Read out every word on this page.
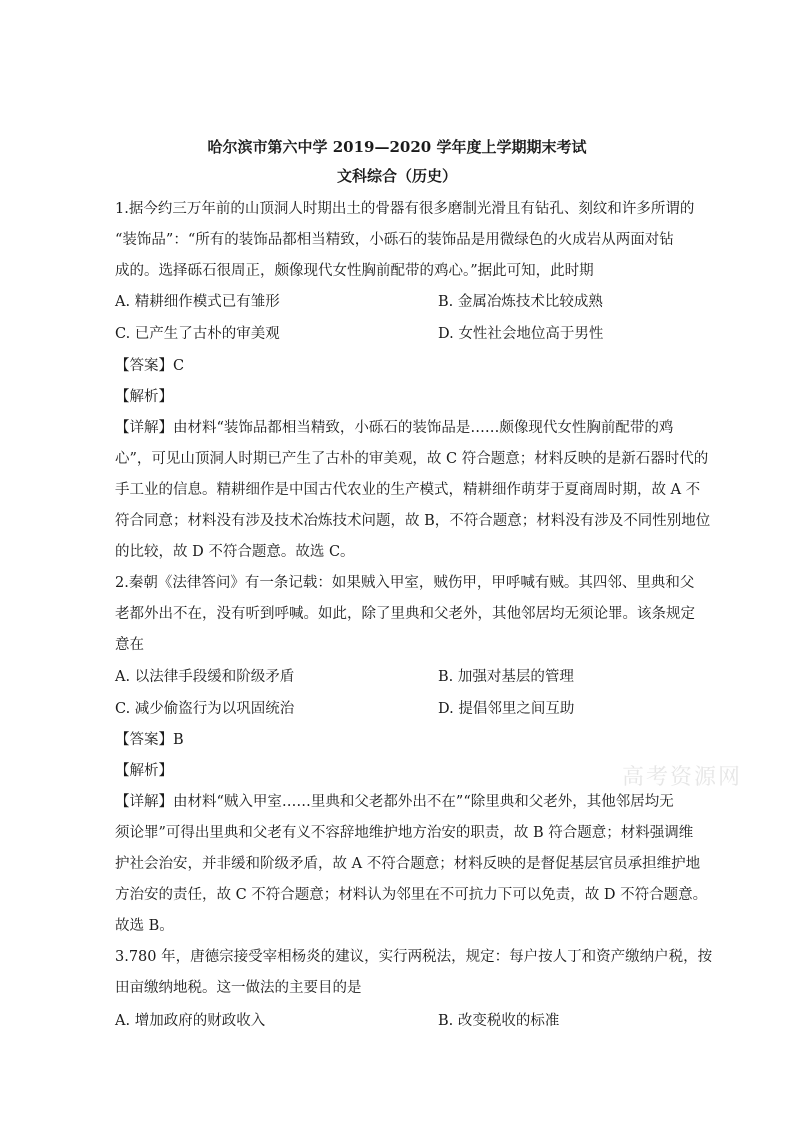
哈尔滨市第六中学 2019—2020 学年度上学期期末考试
文科综合（历史）
1.据今约三万年前的山顶洞人时期出土的骨器有很多磨制光滑且有钻孔、刻纹和许多所谓的
“装饰品”：“所有的装饰品都相当精致，小砾石的装饰品是用微绿色的火成岩从两面对钻
成的。选择砾石很周正，颇像现代女性胸前配带的鸡心。”据此可知，此时期
A. 精耕细作模式已有雏形	B. 金属冶炼技术比较成熟
C. 已产生了古朴的审美观	D. 女性社会地位高于男性
【答案】C
【解析】
【详解】由材料“装饰品都相当精致，小砾石的装饰品是……颇像现代女性胸前配带的鸡
心”，可见山顶洞人时期已产生了古朴的审美观，故 C 符合题意；材料反映的是新石器时代的
手工业的信息。精耕细作是中国古代农业的生产模式，精耕细作萌芽于夏商周时期，故 A 不
符合同意；材料没有涉及技术冶炼技术问题，故 B，不符合题意；材料没有涉及不同性别地位
的比较，故 D 不符合题意。故选 C。
2.秦朝《法律答问》有一条记载：如果贼入甲室，贼伤甲，甲呼喊有贼。其四邻、里典和父
老都外出不在，没有听到呼喊。如此，除了里典和父老外，其他邻居均无须论罪。该条规定
意在
A. 以法律手段缓和阶级矛盾	B. 加强对基层的管理
C. 减少偷盗行为以巩固统治	D. 提倡邻里之间互助
【答案】B
【解析】
【详解】由材料“贼入甲室……里典和父老都外出不在”“除里典和父老外，其他邻居均无
须论罪”可得出里典和父老有义不容辞地维护地方治安的职责，故 B 符合题意；材料强调维
护社会治安，并非缓和阶级矛盾，故 A 不符合题意；材料反映的是督促基层官员承担维护地
方治安的责任，故 C 不符合题意；材料认为邻里在不可抗力下可以免责，故 D 不符合题意。
故选 B。
3.780 年，唐德宗接受宰相杨炎的建议，实行两税法，规定：每户按人丁和资产缴纳户税，按
田亩缴纳地税。这一做法的主要目的是
A. 增加政府的财政收入	B. 改变税收的标准
高考资源网
